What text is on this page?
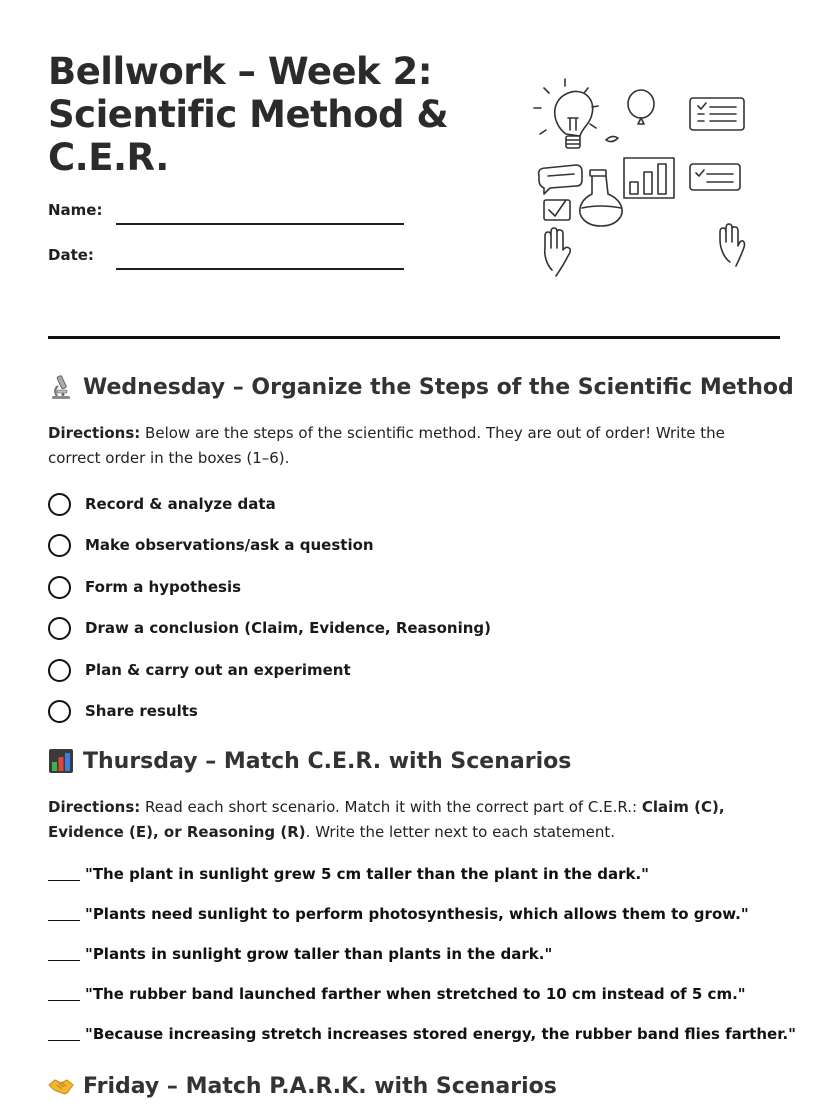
Bellwork – Week 2: Scientific Method & C.E.R.
Name:
Date:
Wednesday – Organize the Steps of the Scientific Method

Directions: Below are the steps of the scientific method. They are out of order! Write the correct order in the boxes (1–6).

Record & analyze data
Make observations/ask a question
Form a hypothesis
Draw a conclusion (Claim, Evidence, Reasoning)
Plan & carry out an experiment
Share results
Thursday – Match C.E.R. with Scenarios

Directions: Read each short scenario. Match it with the correct part of C.E.R.: Claim (C), Evidence (E), or Reasoning (R). Write the letter next to each statement.

"The plant in sunlight grew 5 cm taller than the plant in the dark."
"Plants need sunlight to perform photosynthesis, which allows them to grow."
"Plants in sunlight grow taller than plants in the dark."
"The rubber band launched farther when stretched to 10 cm instead of 5 cm."
"Because increasing stretch increases stored energy, the rubber band flies farther."
Friday – Match P.A.R.K. with Scenarios
